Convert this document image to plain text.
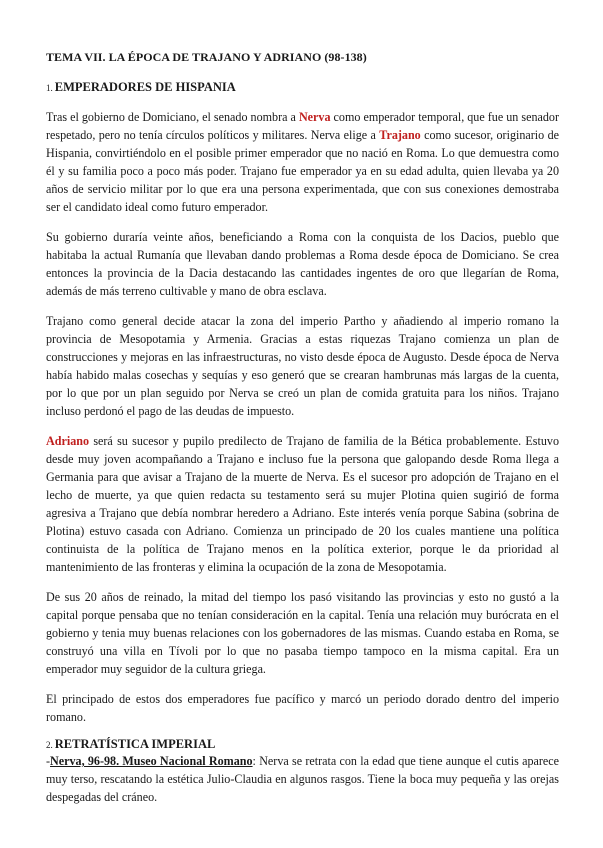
TEMA VII. LA ÉPOCA DE TRAJANO Y ADRIANO (98-138)
1. EMPERADORES DE HISPANIA

Tras el gobierno de Domiciano, el senado nombra a Nerva como emperador temporal, que fue un senador respetado, pero no tenía círculos políticos y militares. Nerva elige a Trajano como sucesor, originario de Hispania, convirtiéndolo en el posible primer emperador que no nació en Roma. Lo que demuestra como él y su familia poco a poco más poder. Trajano fue emperador ya en su edad adulta, quien llevaba ya 20 años de servicio militar por lo que era una persona experimentada, que con sus conexiones demostraba ser el candidato ideal como futuro emperador.

Su gobierno duraría veinte años, beneficiando a Roma con la conquista de los Dacios, pueblo que habitaba la actual Rumanía que llevaban dando problemas a Roma desde época de Domiciano. Se crea entonces la provincia de la Dacia destacando las cantidades ingentes de oro que llegarían de Roma, además de más terreno cultivable y mano de obra esclava.

Trajano como general decide atacar la zona del imperio Partho y añadiendo al imperio romano la provincia de Mesopotamia y Armenia. Gracias a estas riquezas Trajano comienza un plan de construcciones y mejoras en las infraestructuras, no visto desde época de Augusto. Desde época de Nerva había habido malas cosechas y sequías y eso generó que se crearan hambrunas más largas de la cuenta, por lo que por un plan seguido por Nerva se creó un plan de comida gratuita para los niños. Trajano incluso perdonó el pago de las deudas de impuesto.

Adriano será su sucesor y pupilo predilecto de Trajano de familia de la Bética probablemente. Estuvo desde muy joven acompañando a Trajano e incluso fue la persona que galopando desde Roma llega a Germania para que avisar a Trajano de la muerte de Nerva. Es el sucesor pro adopción de Trajano en el lecho de muerte, ya que quien redacta su testamento será su mujer Plotina quien sugirió de forma agresiva a Trajano que debía nombrar heredero a Adriano. Este interés venía porque Sabina (sobrina de Plotina) estuvo casada con Adriano. Comienza un principado de 20 los cuales mantiene una política continuista de la política de Trajano menos en la política exterior, porque le da prioridad al mantenimiento de las fronteras y elimina la ocupación de la zona de Mesopotamia.

De sus 20 años de reinado, la mitad del tiempo los pasó visitando las provincias y esto no gustó a la capital porque pensaba que no tenían consideración en la capital. Tenía una relación muy burócrata en el gobierno y tenia muy buenas relaciones con los gobernadores de las mismas. Cuando estaba en Roma, se construyó una villa en Tívoli por lo que no pasaba tiempo tampoco en la misma capital. Era un emperador muy seguidor de la cultura griega.

El principado de estos dos emperadores fue pacífico y marcó un periodo dorado dentro del imperio romano.

2. RETRATÍSTICA IMPERIAL

-Nerva, 96-98. Museo Nacional Romano: Nerva se retrata con la edad que tiene aunque el cutis aparece muy terso, rescatando la estética Julio-Claudia en algunos rasgos. Tiene la boca muy pequeña y las orejas despegadas del cráneo.
